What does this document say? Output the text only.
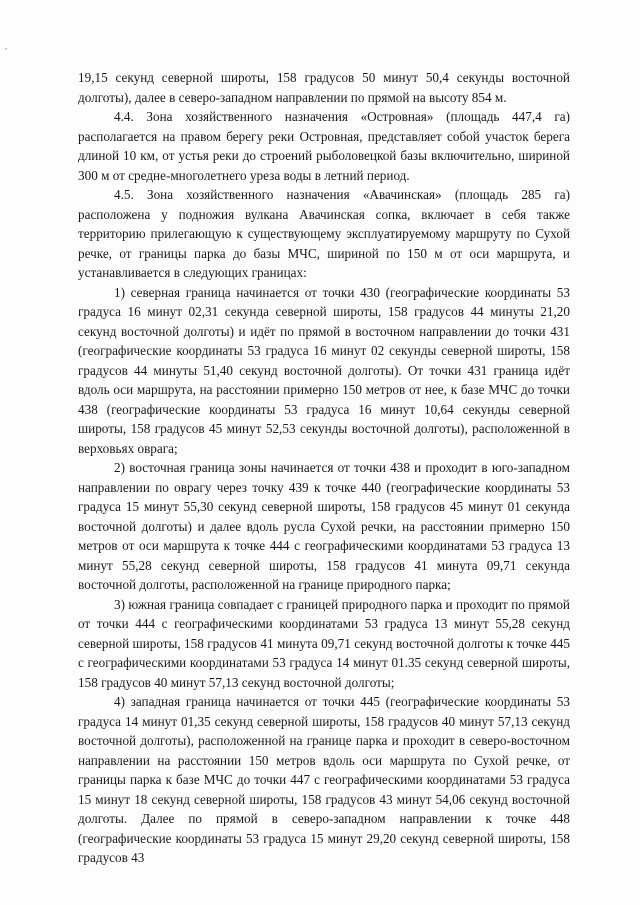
19,15 секунд северной широты, 158 градусов 50 минут 50,4 секунды восточной долготы), далее в северо-западном направлении по прямой на высоту 854 м.

4.4. Зона хозяйственного назначения «Островная» (площадь 447,4 га) располагается на правом берегу реки Островная, представляет собой участок берега длиной 10 км, от устья реки до строений рыболовецкой базы включительно, шириной 300 м от средне-многолетнего уреза воды в летний период.

4.5. Зона хозяйственного назначения «Авачинская» (площадь 285 га) расположена у подножия вулкана Авачинская сопка, включает в себя также территорию прилегающую к существующему эксплуатируемому маршруту по Сухой речке, от границы парка до базы МЧС, шириной по 150 м от оси маршрута, и устанавливается в следующих границах:

1) северная граница начинается от точки 430 (географические координаты 53 градуса 16 минут 02,31 секунда северной широты, 158 градусов 44 минуты 21,20 секунд восточной долготы) и идёт по прямой в восточном направлении до точки 431 (географические координаты 53 градуса 16 минут 02 секунды северной широты, 158 градусов 44 минуты 51,40 секунд восточной долготы). От точки 431 граница идёт вдоль оси маршрута, на расстоянии примерно 150 метров от нее, к базе МЧС до точки 438 (географические координаты 53 градуса 16 минут 10,64 секунды северной широты, 158 градусов 45 минут 52,53 секунды восточной долготы), расположенной в верховьях оврага;

2) восточная граница зоны начинается от точки 438 и проходит в юго-западном направлении по оврагу через точку 439 к точке 440 (географические координаты 53 градуса 15 минут 55,30 секунд северной широты, 158 градусов 45 минут 01 секунда восточной долготы) и далее вдоль русла Сухой речки, на расстоянии примерно 150 метров от оси маршрута к точке 444 с географическими координатами 53 градуса 13 минут 55,28 секунд северной широты, 158 градусов 41 минута 09,71 секунда восточной долготы, расположенной на границе природного парка;

3) южная граница совпадает с границей природного парка и проходит по прямой от точки 444 с географическими координатами 53 градуса 13 минут 55,28 секунд северной широты, 158 градусов 41 минута 09,71 секунд восточной долготы к точке 445 с географическими координатами 53 градуса 14 минут 01.35 секунд северной широты, 158 градусов 40 минут 57,13 секунд восточной долготы;

4) западная граница начинается от точки 445 (географические координаты 53 градуса 14 минут 01,35 секунд северной широты, 158 градусов 40 минут 57,13 секунд восточной долготы), расположенной на границе парка и проходит в северо-восточном направлении на расстоянии 150 метров вдоль оси маршрута по Сухой речке, от границы парка к базе МЧС до точки 447 с географическими координатами 53 градуса 15 минут 18 секунд северной широты, 158 градусов 43 минут 54,06 секунд восточной долготы. Далее по прямой в северо-западном направлении к точке 448 (географические координаты 53 градуса 15 минут 29,20 секунд северной широты, 158 градусов 43
